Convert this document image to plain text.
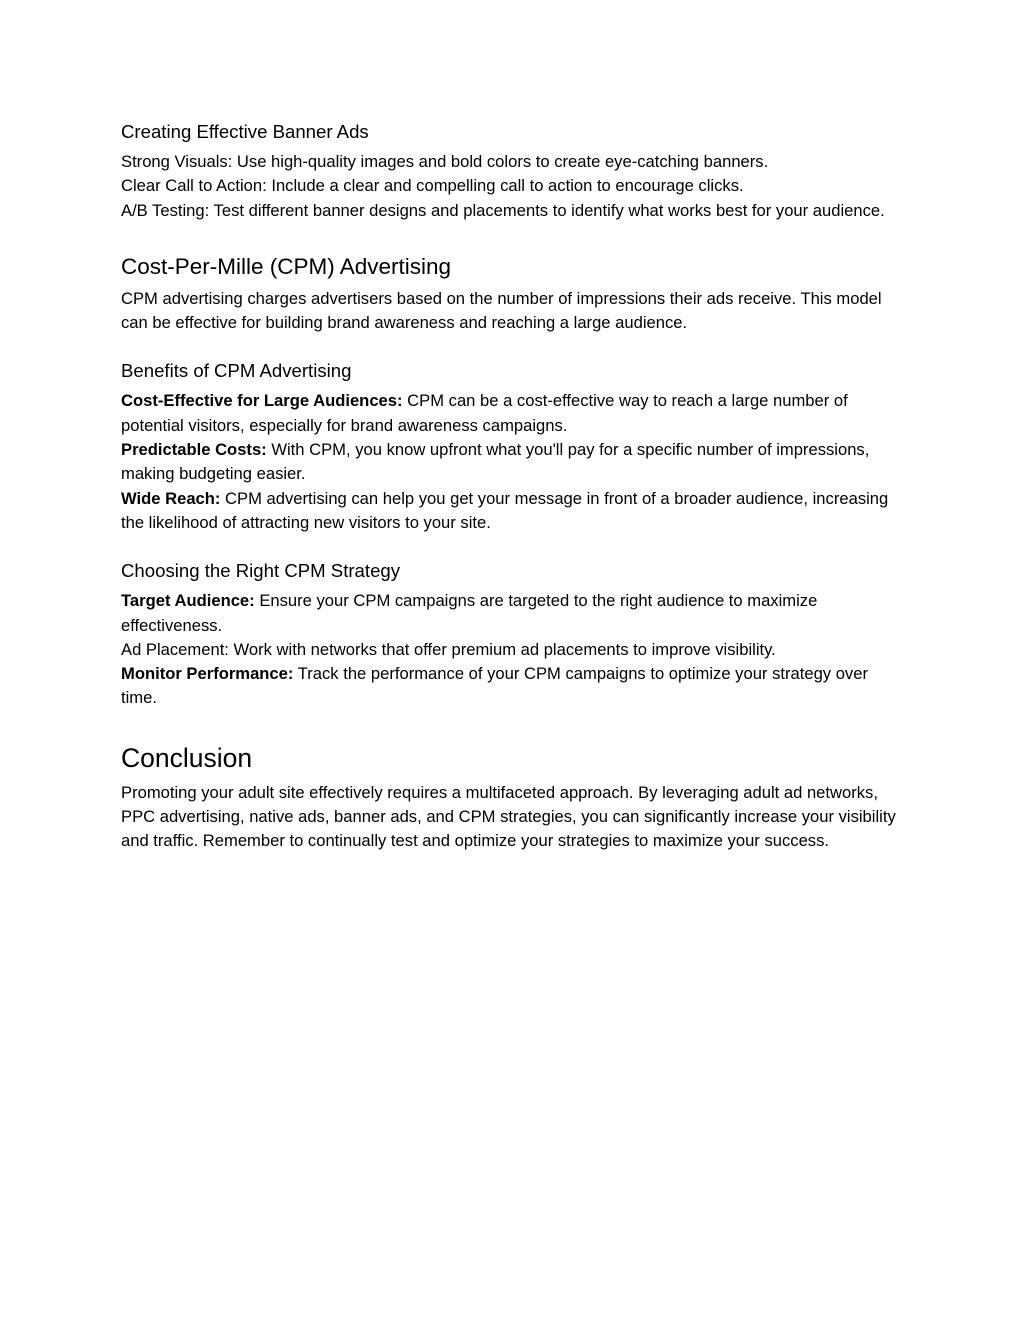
Creating Effective Banner Ads

Strong Visuals: Use high-quality images and bold colors to create eye-catching banners.

Clear Call to Action: Include a clear and compelling call to action to encourage clicks.

A/B Testing: Test different banner designs and placements to identify what works best for your audience.

Cost-Per-Mille (CPM) Advertising

CPM advertising charges advertisers based on the number of impressions their ads receive. This model can be effective for building brand awareness and reaching a large audience.

Benefits of CPM Advertising

Cost-Effective for Large Audiences: CPM can be a cost-effective way to reach a large number of potential visitors, especially for brand awareness campaigns.

Predictable Costs: With CPM, you know upfront what you'll pay for a specific number of impressions, making budgeting easier.

Wide Reach: CPM advertising can help you get your message in front of a broader audience, increasing the likelihood of attracting new visitors to your site.

Choosing the Right CPM Strategy

Target Audience: Ensure your CPM campaigns are targeted to the right audience to maximize effectiveness.

Ad Placement: Work with networks that offer premium ad placements to improve visibility.

Monitor Performance: Track the performance of your CPM campaigns to optimize your strategy over time.

Conclusion

Promoting your adult site effectively requires a multifaceted approach. By leveraging adult ad networks, PPC advertising, native ads, banner ads, and CPM strategies, you can significantly increase your visibility and traffic. Remember to continually test and optimize your strategies to maximize your success.
